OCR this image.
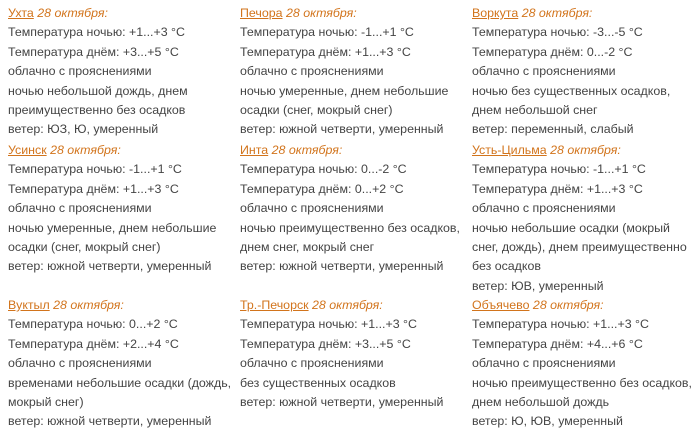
Ухта 28 октября:
Температура ночью: +1...+3 °С
Температура днём: +3...+5 °С
облачно с прояснениями
ночью небольшой дождь, днем преимущественно без осадков
ветер: ЮЗ, Ю, умеренный
Печора 28 октября:
Температура ночью: -1...+1 °С
Температура днём: +1...+3 °С
облачно с прояснениями
ночью умеренные, днем небольшие осадки (снег, мокрый снег)
ветер: южной четверти, умеренный
Воркута 28 октября:
Температура ночью: -3...-5 °С
Температура днём: 0...-2 °С
облачно с прояснениями
ночью без существенных осадков, днем небольшой снег
ветер: переменный, слабый
Усинск 28 октября:
Температура ночью: -1...+1 °С
Температура днём: +1...+3 °С
облачно с прояснениями
ночью умеренные, днем небольшие осадки (снег, мокрый снег)
ветер: южной четверти, умеренный
Инта 28 октября:
Температура ночью: 0...-2 °С
Температура днём: 0...+2 °С
облачно с прояснениями
ночью преимущественно без осадков, днем снег, мокрый снег
ветер: южной четверти, умеренный
Усть-Цильма 28 октября:
Температура ночью: -1...+1 °С
Температура днём: +1...+3 °С
облачно с прояснениями
ночью небольшие осадки (мокрый снег, дождь), днем преимущественно без осадков
ветер: ЮВ, умеренный
Вуктыл 28 октября:
Температура ночью: 0...+2 °С
Температура днём: +2...+4 °С
облачно с прояснениями
временами небольшие осадки (дождь, мокрый снег)
ветер: южной четверти, умеренный
Тр.-Печорск 28 октября:
Температура ночью: +1...+3 °С
Температура днём: +3...+5 °С
облачно с прояснениями
без существенных осадков
ветер: южной четверти, умеренный
Объячево 28 октября:
Температура ночью: +1...+3 °С
Температура днём: +4...+6 °С
облачно с прояснениями
ночью преимущественно без осадков, днем небольшой дождь
ветер: Ю, ЮВ, умеренный
